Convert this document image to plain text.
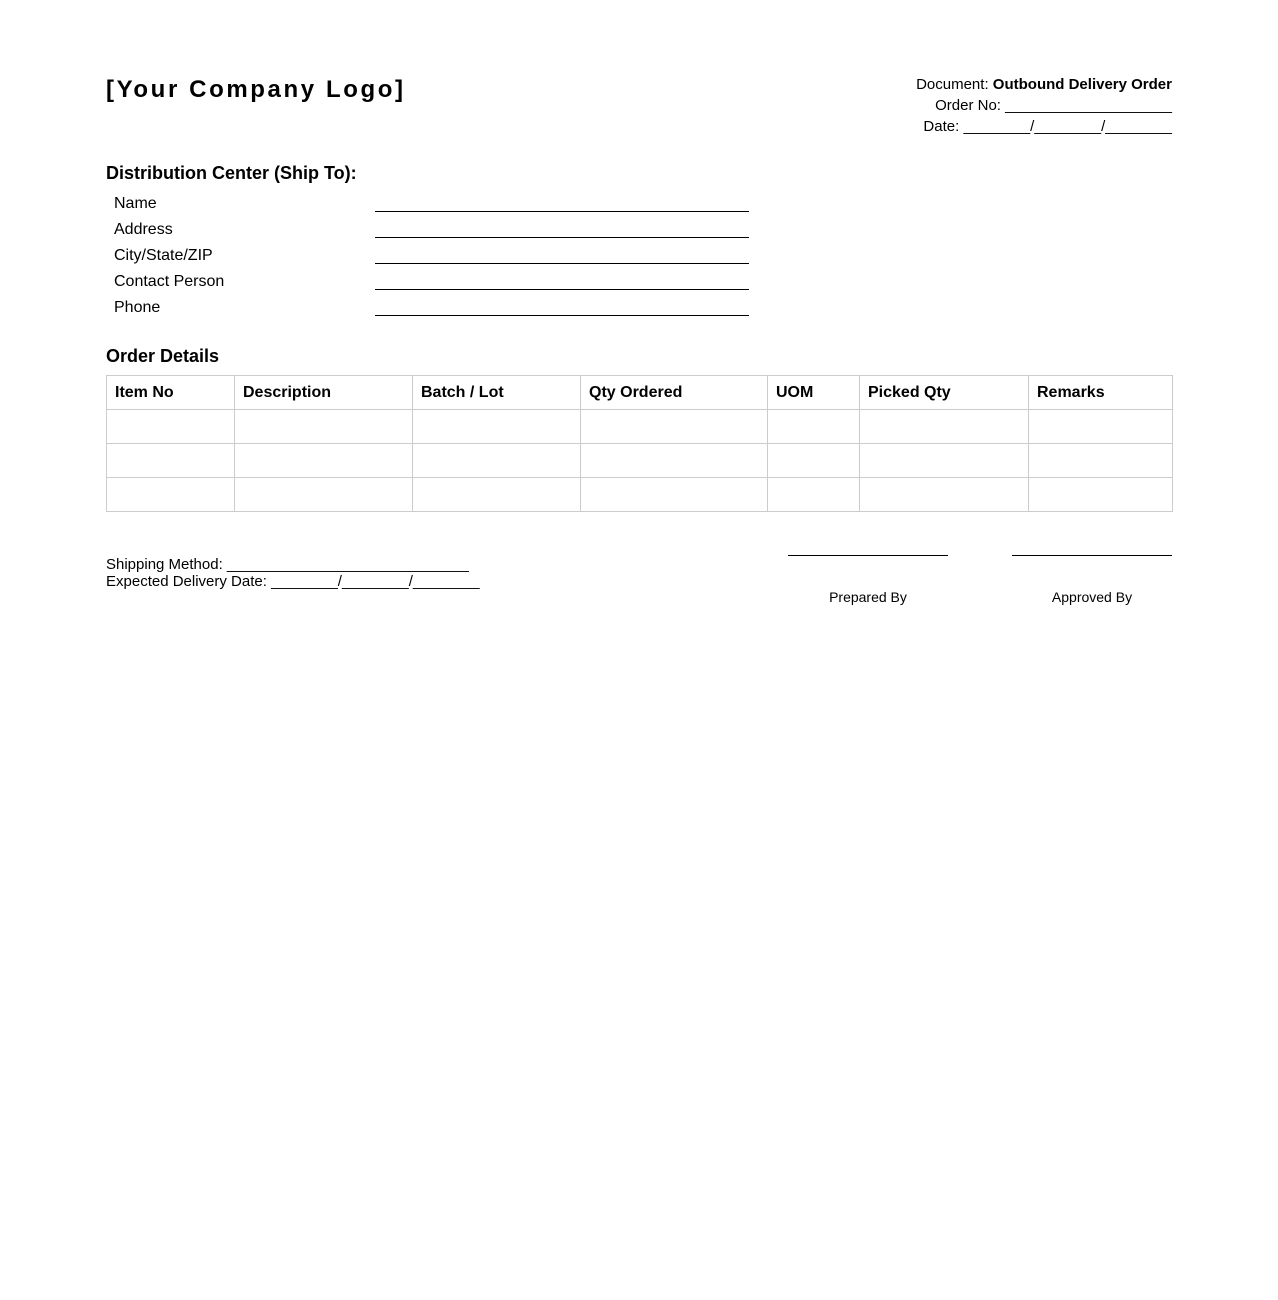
[Your Company Logo]	Document: Outbound Delivery Order
Order No: ____________________
Date: ________/________/________
Distribution Center (Ship To):
Name
Address
City/State/ZIP
Contact Person
Phone
Order Details
Item No	Description	Batch / Lot	Qty Ordered	UOM	Picked Qty	Remarks

Shipping Method: _____________________________
Expected Delivery Date: ________/________/________
Prepared By	Approved By
